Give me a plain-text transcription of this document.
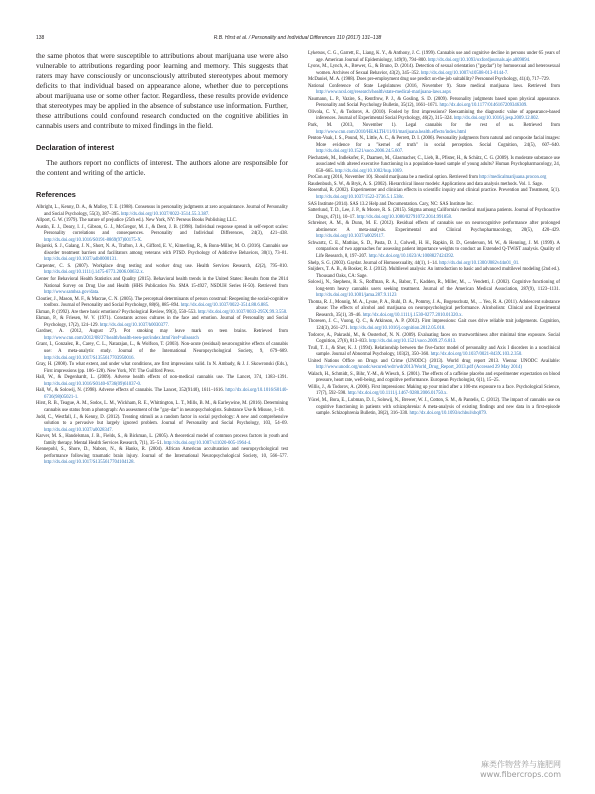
138	R.B. Hirst et al. / Personality and Individual Differences 110 (2017) 131–138

the same photos that were susceptible to attributions about marijuana use were also vulnerable to attributions regarding poor learning and memory. This suggests that raters may have consciously or unconsciously attributed stereotypes about memory deficits to that individual based on appearance alone, whether due to perceptions about marijuana use or some other factor. Regardless, these results provide evidence that stereotypes may be applied in the absence of substance use information. Further, these attributions could confound research conducted on the cognitive abilities in cannabis users and contribute to mixed findings in the field.

Declaration of interest

The authors report no conflicts of interest. The authors alone are responsible for the content and writing of the article.

References
Albright, L., Kenny, D. A., & Malloy, T. E. (1988). Consensus in personality judgments at zero acquaintance. Journal of Personality and Social Psychology, 55(3), 387–395. http://dx.doi.org/10.1037/0022-3514.55.3.387.
Allport, G. W. (1979). The nature of prejudice (25th ed.). New York, NY: Perseus Books Publishing LLC.
Austin, E. J., Deary, I. J., Gibson, G. J., McGregor, M. J., & Dent, J. B. (1998). Individual response spread in self-report scales: Personality correlations and consequences. Personality and Individual Differences, 24(3), 421–438. http://dx.doi.org/10.1016/S0191-8869(97)00175-X.
Bujarski, S. J., Galang, J. N., Short, N. A., Trafton, J. A., Gifford, E. V., Kimerling, R., & Bonn-Miller, M. O. (2016). Cannabis use disorder treatment barriers and facilitators among veterans with PTSD. Psychology of Addictive Behaviors, 30(1), 73–81. http://dx.doi.org/10.1037/adb0000131.
Carpenter, C. S. (2007). Workplace drug testing and worker drug use. Health Services Research, 42(2), 795–810. http://dx.doi.org/10.1111/j.1475-6773.2006.00632.x.
Center for Behavioral Health Statistics and Quality (2015). Behavioral health trends in the United States: Results from the 2014 National Survey on Drug Use and Health (HHS Publication No. SMA 15-4927, NSDUH Series H-50). Retrieved from http://www.samhsa.gov/data.
Cloutier, J., Mason, M. F., & Macrae, C. N. (2005). The perceptual determinants of person construal: Reopening the social-cognitive toolbox. Journal of Personality and Social Psychology, 88(6), 885–894. http://dx.doi.org/10.1037/0022-3514.88.6.885.
Ekman, P. (1992). Are there basic emotions? Psychological Review, 99(3), 550–553. http://dx.doi.org/10.1037/0033-295X.99.3.550.
Ekman, P., & Friesen, W. V. (1971). Constants across cultures in the face and emotion. Journal of Personality and Social Psychology, 17(2), 124–129. http://dx.doi.org/10.1037/h0030377.
Gardner, A. (2012, August 27). Pot smoking may leave mark on teen brains. Retrieved from http://www.cnn.com/2012/08/27/health/health-teen-pot/index.html?iref=allsearch
Grant, I., Gonzalez, R., Carey, C. L., Natarajan, L., & Wolfson, T. (2003). Non-acute (residual) neurocognitive effects of cannabis use: A meta-analytic study. Journal of the International Neuropsychological Society, 9, 679–689. http://dx.doi.org/10.1017/S1355617703950016.
Gray, H. (2008). To what extent, and under what conditions, are first impressions valid. In N. Ambady, & J. J. Skowronski (Eds.), First impressions (pp. 106–128). New York, NY: The Guilford Press.
Hall, W., & Degenhardt, L. (2009). Adverse health effects of non-medical cannabis use. The Lancet, 374, 1383–1391. http://dx.doi.org/10.1016/S0140-6736(09)61037-0.
Hall, W., & Solowij, N. (1998). Adverse effects of cannabis. The Lancet, 352(9140), 1611–1616. http://dx.doi.org/10.1016/S0140-6736(98)05021-1.
Hirst, R. B., Teague, A. M., Sodos, L. M., Wickham, R. E., Whittington, L. T., Mills, B. M., & Earleywine, M. (2016). Determining cannabis use status from a photograph: An assessment of the "gay-dar" in neuropsychologists. Substance Use & Misuse, 1–10.
Judd, C., Westfall, J., & Kenny, D. (2012). Treating stimuli as a random factor in social psychology: A new and comprehensive solution to a pervasive but largely ignored problem. Journal of Personality and Social Psychology, 103, 54–69. http://dx.doi.org/10.1037/a0028347.
Karver, M. S., Handelsman, J. B., Fields, S., & Bickman, L. (2005). A theoretical model of common process factors in youth and family therapy. Mental Health Services Research, 7(1), 35–51. http://dx.doi.org/10.1007/s11020-005-1964-4.
Kennepohl, S., Shore, D., Nabors, N., & Hanks, R. (2004). African American acculturation and neuropsychological test performance following traumatic brain injury. Journal of the International Neuropsychological Society, 10, 566–577. http://dx.doi.org/10.1017/S1355617704104128.
Lyketsos, C. G., Garrett, E., Liang, K. Y., & Anthony, J. C. (1999). Cannabis use and cognitive decline in persons under 65 years of age. American Journal of Epidemiology, 149(9), 794–800. http://dx.doi.org/10.1093/oxfordjournals.aje.a009894.
Lyons, M., Lynch, A., Brewer, G., & Bruno, D. (2014). Detection of sexual orientation ("gaydar") by homosexual and heterosexual women. Archives of Sexual Behavior, 43(2), 345–352. http://dx.doi.org/10.1007/s10508-013-0144-7.
McDaniel, M. A. (1988). Does pre-employment drug use predict on-the-job suitability? Personnel Psychology, 41(4), 717–729.
National Conference of State Legislatures (2016, November 9). State medical marijuana laws. Retrieved from http://www.ncsl.org/research/health/state-medical-marijuana-laws.aspx
Naumann, L. P., Vazire, S., Rentfrow, P. J., & Gosling, S. D. (2009). Personality judgments based upon physical appearance. Personality and Social Psychology Bulletin, 35(12), 1661–1671. http://dx.doi.org/10.1177/0146167209346309.
Olivola, C. Y., & Todorov, A. (2010). Fooled by first impressions? Reexamining the diagnostic value of appearance-based inferences. Journal of Experimental Social Psychology, 46(2), 315–324. http://dx.doi.org/10.1016/j.jesp.2009.12.002.
Park, M. (2013, November 1). Legal cannabis for the rest of us. Retrieved from http://www.cnn.com/2010/HEALTH/11/01/marijuana.health.effects/index.html
Penton-Voak, I. S., Pound, N., Little, A. C., & Perrett, D. I. (2006). Personality judgments from natural and composite facial images: More evidence for a "kernel of truth" in social perception. Social Cognition, 24(5), 607–640. http://dx.doi.org/10.1521/soco.2006.24.5.607.
Piechatzek, M., Indlekofer, F., Daamen, M., Glasmacher, C., Lieb, R., Pfister, H., & Schütz, C. G. (2009). Is moderate substance use associated with altered executive functioning in a population-based sample of young adults? Human Psychopharmacology, 24, 650–665. http://dx.doi.org/10.1002/hup.1069.
ProCon.org (2016, November 10). Should marijuana be a medical option. Retrieved from http://medicalmarijuana.procon.org
Raudenbush, S. W., & Bryk, A. S. (2002). Hierarchical linear models: Applications and data analysis methods. Vol. 1. Sage.
Rosenthal, R. (2002). Experimenter and clinician effects in scientific inquiry and clinical practice. Prevention and Treatment, 5(1). http://dx.doi.org/10.1037/1522-3736.5.1.538c.
SAS Institute (2014). SAS 13.2 Help and Documentation. Cary, NC: SAS Institute Inc.
Satterlund, T. D., Lee, J. P., & Moore, R. S. (2015). Stigma among California's medical marijuana patients. Journal of Psychoactive Drugs, 47(1), 10–17. http://dx.doi.org/10.1080/02791072.2014.991858.
Schreiner, A. M., & Dunn, M. E. (2012). Residual effects of cannabis use on neurocognitive performance after prolonged abstinence: A meta-analysis. Experimental and Clinical Psychopharmacology, 20(5), 420–429. http://dx.doi.org/10.1037/a0029117.
Schwartz, C. E., Mathias, S. D., Pasta, D. J., Colwell, H. H., Rapkin, B. D., Genderson, M. W., & Henning, J. M. (1999). A comparison of two approaches for assessing patient importance weights to conduct an Extended Q-TWiST analysis. Quality of Life Research, 8, 197–207. http://dx.doi.org/10.1023/A:1008827424392.
Shelp, S. G. (2003). Gaydar. Journal of Homosexuality, 44(1), 1–14. http://dx.doi.org/10.1300/J082v44n01_01.
Snijders, T. A. B., & Bosker, R. J. (2012). Multilevel analysis: An introduction to basic and advanced multilevel modeling (2nd ed.). Thousand Oaks, CA: Sage.
Solowij, N., Stephens, R. S., Roffman, R. A., Babor, T., Kadden, R., Miller, M., ... Vendetti, J. (2002). Cognitive functioning of long-term heavy cannabis users seeking treatment. Journal of the American Medical Association, 287(9), 1123–1131. http://dx.doi.org/10.1001/jama.287.9.1123
Thoma, R. J., Monnig, M. A., Lysne, P. A., Ruhl, D. A., Pommy, J. A., Bogenschutz, M., ... Yeo, R. A. (2011). Adolescent substance abuse: The effects of alcohol and marijuana on neuropsychological performance. Alcoholism: Clinical and Experimental Research, 35(1), 39–46. http://dx.doi.org/10.1111/j.1530-0277.2010.01320.x.
Thoresen, J. C., Vuong, Q. C., & Atkinson, A. P. (2012). First impressions: Gait cues drive reliable trait judgements. Cognition, 124(3), 261–271. http://dx.doi.org/10.1016/j.cognition.2012.05.018.
Todorov, A., Pakrashi, M., & Oosterhof, N. N. (2009). Evaluating faces on trustworthiness after minimal time exposure. Social Cognition, 27(6), 813–833. http://dx.doi.org/10.1521/soco.2009.27.6.813.
Trull, T. J., & Sher, K. J. (1994). Relationship between the five-factor model of personality and Axis I disorders in a nonclinical sample. Journal of Abnormal Psychology, 103(2), 350–360. http://dx.doi.org/10.1037/0021-843X.103.2.350.
United Nations Office on Drugs and Crime (UNODC) (2013). World drug report 2013. Vienna: UNODC Available: http://www.unodc.org/unodc/secured/wdr/wdr2013/World_Drug_Report_2013.pdf (Accessed 29 May 2014)
Walach, H., Schmidt, S., Bihr, Y.-M., & Wiesch, S. (2001). The effects of a caffeine placebo and experimenter expectation on blood pressure, heart rate, well-being, and cognitive performance. European Psychologist, 6(1), 15–25.
Willis, J., & Todorov, A. (2006). First impressions: Making up your mind after a 100-ms exposure to a face. Psychological Science, 17(7), 592–598. http://dx.doi.org/10.1111/j.1467-9280.2006.01750.x.
Yücel, M., Bora, E., Lubman, D. I., Solowij, N., Brewer, W. J., Cotton, S. M., & Pantelis, C. (2012). The impact of cannabis use on cognitive functioning in patients with schizophrenia: A meta-analysis of existing findings and new data in a first-episode sample. Schizophrenia Bulletin, 38(2), 316–330. http://dx.doi.org/10.1093/schbul/sbq079.
麻类作物营养与施肥网
www.fibercrops.com
